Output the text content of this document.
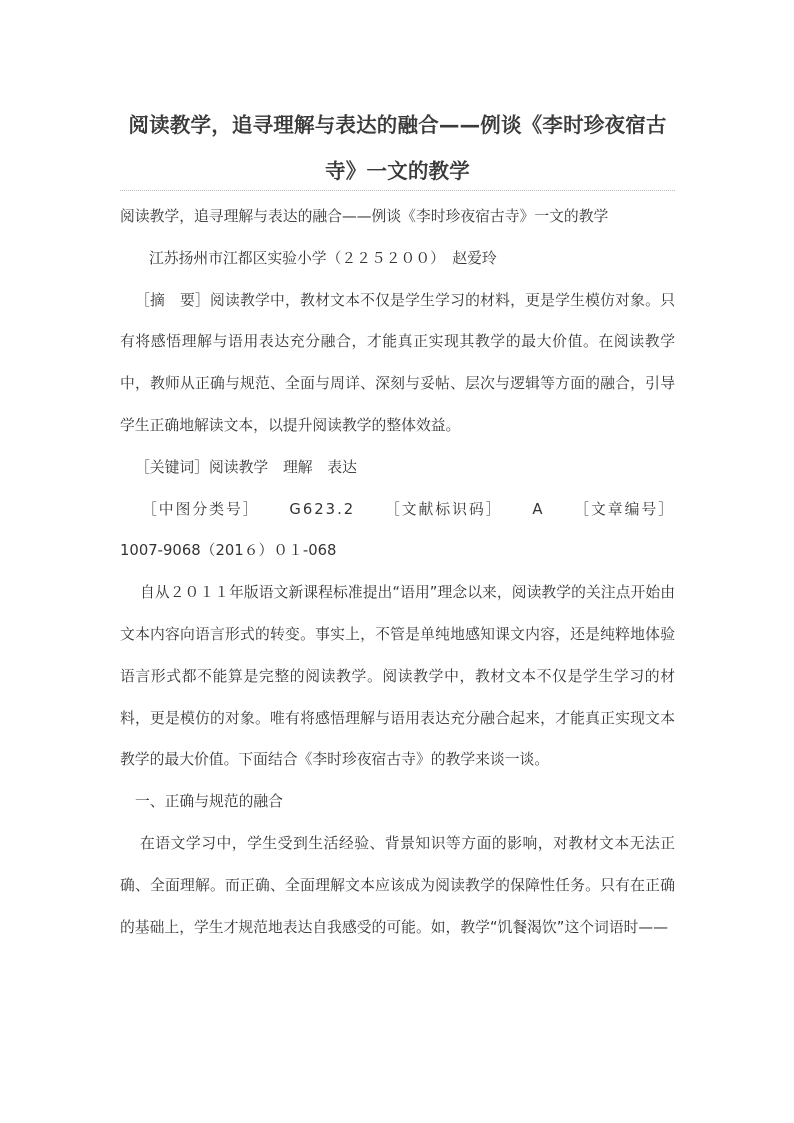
阅读教学，追寻理解与表达的融合——例谈《李时珍夜宿古寺》一文的教学

阅读教学，追寻理解与表达的融合——例谈《李时珍夜宿古寺》一文的教学

江苏扬州市江都区实验小学（２２５２００）　赵爱玲

［摘　要］阅读教学中，教材文本不仅是学生学习的材料，更是学生模仿对象。只有将感悟理解与语用表达充分融合，才能真正实现其教学的最大价值。在阅读教学中，教师从正确与规范、全面与周详、深刻与妥帖、层次与逻辑等方面的融合，引导学生正确地解读文本，以提升阅读教学的整体效益。

［关键词］阅读教学　理解　表达

［中图分类号］ G623.2 ［文献标识码］ A ［文章编号］

1007-9068（201６）０１-068

自从２０１１年版语文新课程标准提出“语用”理念以来，阅读教学的关注点开始由文本内容向语言形式的转变。事实上，不管是单纯地感知课文内容，还是纯粹地体验语言形式都不能算是完整的阅读教学。阅读教学中，教材文本不仅是学生学习的材料，更是模仿的对象。唯有将感悟理解与语用表达充分融合起来，才能真正实现文本教学的最大价值。下面结合《李时珍夜宿古寺》的教学来谈一谈。

一、正确与规范的融合

在语文学习中，学生受到生活经验、背景知识等方面的影响，对教材文本无法正确、全面理解。而正确、全面理解文本应该成为阅读教学的保障性任务。只有在正确的基础上，学生才规范地表达自我感受的可能。如，教学“饥餐渴饮”这个词语时——
